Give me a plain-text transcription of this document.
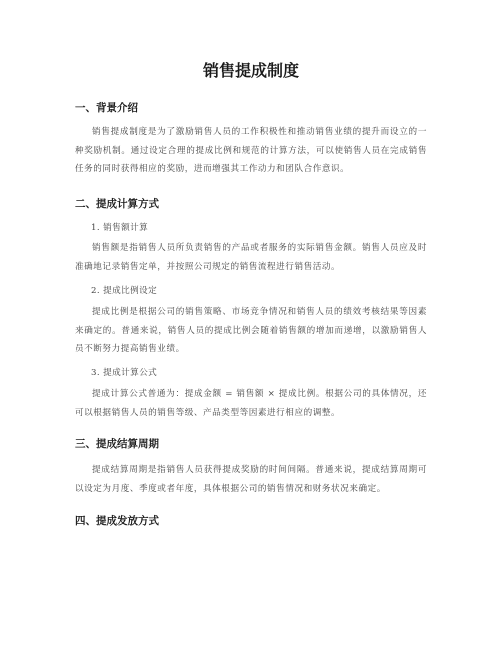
销售提成制度
一、背景介绍

销售提成制度是为了激励销售人员的工作积极性和推动销售业绩的提升而设立的一种奖励机制。通过设定合理的提成比例和规范的计算方法，可以使销售人员在完成销售任务的同时获得相应的奖励，进而增强其工作动力和团队合作意识。

二、提成计算方式
1. 销售额计算

销售额是指销售人员所负责销售的产品或者服务的实际销售金额。销售人员应及时准确地记录销售定单，并按照公司规定的销售流程进行销售活动。

2. 提成比例设定

提成比例是根据公司的销售策略、市场竞争情况和销售人员的绩效考核结果等因素来确定的。普通来说，销售人员的提成比例会随着销售额的增加而递增，以激励销售人员不断努力提高销售业绩。

3. 提成计算公式

提成计算公式普通为：提成金额 = 销售额 × 提成比例。根据公司的具体情况，还可以根据销售人员的销售等级、产品类型等因素进行相应的调整。

三、提成结算周期

提成结算周期是指销售人员获得提成奖励的时间间隔。普通来说，提成结算周期可以设定为月度、季度或者年度，具体根据公司的销售情况和财务状况来确定。

四、提成发放方式
